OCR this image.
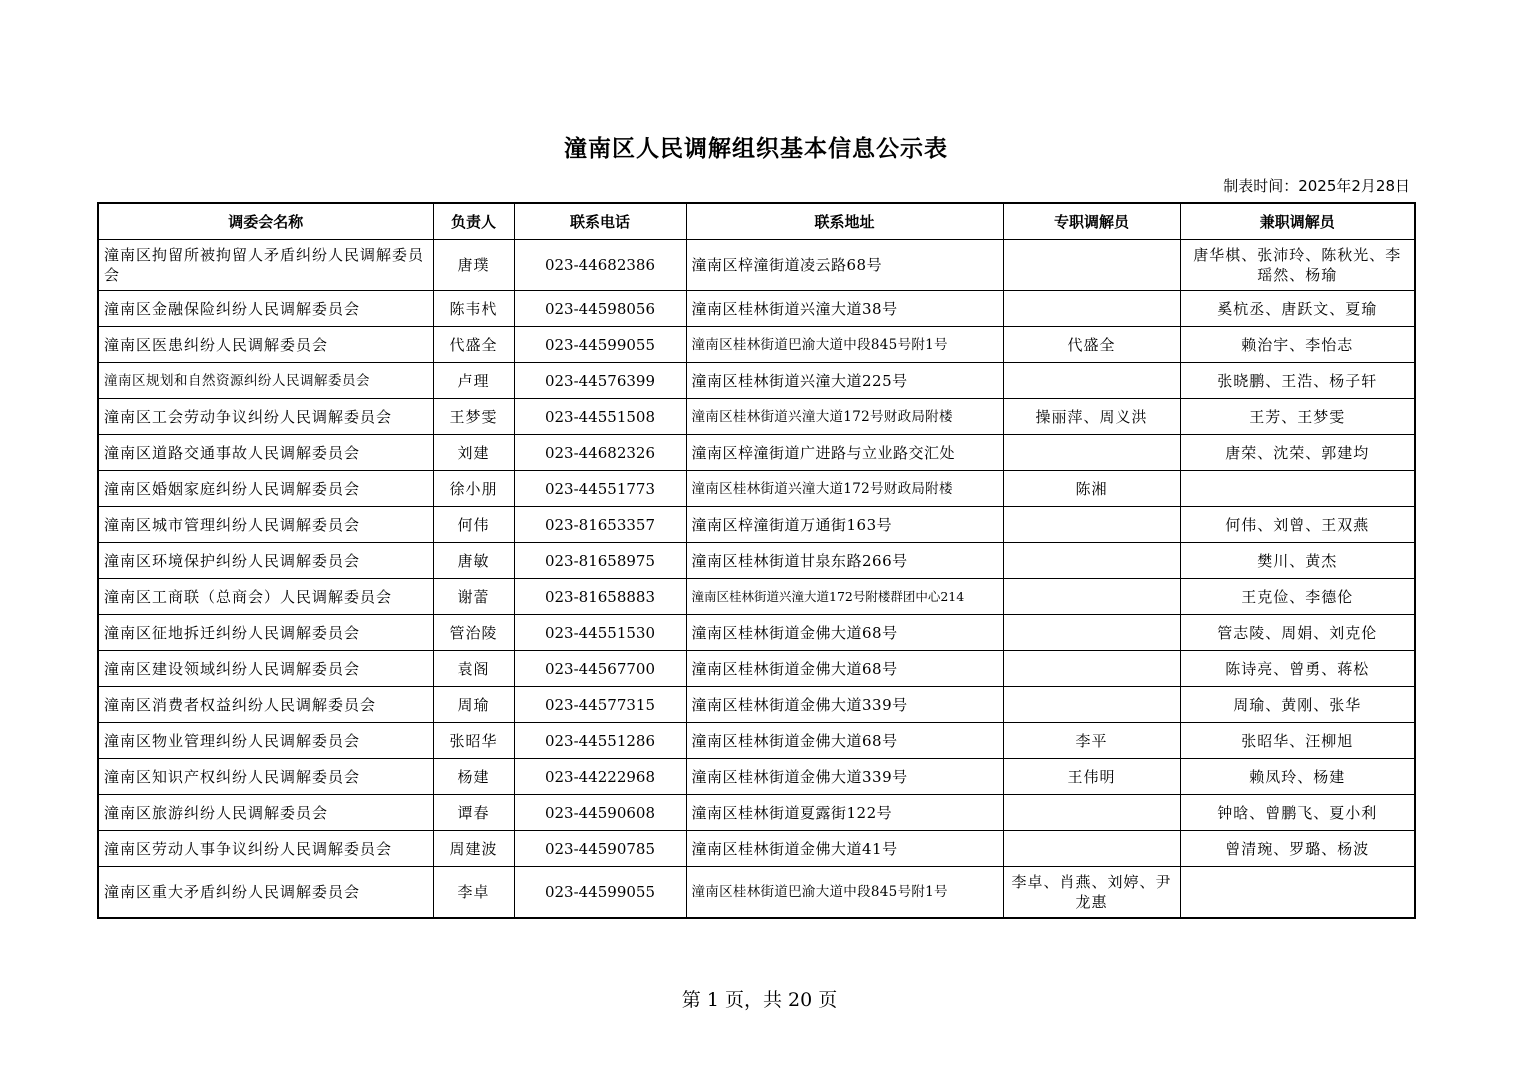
潼南区人民调解组织基本信息公示表
制表时间：2025年2月28日
调委会名称	负责人	联系电话	联系地址	专职调解员	兼职调解员
潼南区拘留所被拘留人矛盾纠纷人民调解委员会	唐璞	023-44682386	潼南区梓潼街道凌云路68号		唐华棋、张沛玲、陈秋光、李瑶然、杨瑜
潼南区金融保险纠纷人民调解委员会	陈韦杙	023-44598056	潼南区桂林街道兴潼大道38号		奚杭丞、唐跃文、夏瑜
潼南区医患纠纷人民调解委员会	代盛全	023-44599055	潼南区桂林街道巴渝大道中段845号附1号	代盛全	赖治宇、李怡志
潼南区规划和自然资源纠纷人民调解委员会	卢理	023-44576399	潼南区桂林街道兴潼大道225号		张晓鹏、王浩、杨子轩
潼南区工会劳动争议纠纷人民调解委员会	王梦雯	023-44551508	潼南区桂林街道兴潼大道172号财政局附楼	操丽萍、周义洪	王芳、王梦雯
潼南区道路交通事故人民调解委员会	刘建	023-44682326	潼南区梓潼街道广进路与立业路交汇处		唐荣、沈荣、郭建均
潼南区婚姻家庭纠纷人民调解委员会	徐小朋	023-44551773	潼南区桂林街道兴潼大道172号财政局附楼	陈湘	
潼南区城市管理纠纷人民调解委员会	何伟	023-81653357	潼南区梓潼街道万通街163号		何伟、刘曾、王双燕
潼南区环境保护纠纷人民调解委员会	唐敏	023-81658975	潼南区桂林街道甘泉东路266号		樊川、黄杰
潼南区工商联（总商会）人民调解委员会	谢蕾	023-81658883	潼南区桂林街道兴潼大道172号附楼群团中心214		王克俭、李德伦
潼南区征地拆迁纠纷人民调解委员会	管治陵	023-44551530	潼南区桂林街道金佛大道68号		管志陵、周娟、刘克伦
潼南区建设领域纠纷人民调解委员会	袁阁	023-44567700	潼南区桂林街道金佛大道68号		陈诗亮、曾勇、蒋松
潼南区消费者权益纠纷人民调解委员会	周瑜	023-44577315	潼南区桂林街道金佛大道339号		周瑜、黄刚、张华
潼南区物业管理纠纷人民调解委员会	张昭华	023-44551286	潼南区桂林街道金佛大道68号	李平	张昭华、汪柳旭
潼南区知识产权纠纷人民调解委员会	杨建	023-44222968	潼南区桂林街道金佛大道339号	王伟明	赖凤玲、杨建
潼南区旅游纠纷人民调解委员会	谭春	023-44590608	潼南区桂林街道夏露街122号		钟晗、曾鹏飞、夏小利
潼南区劳动人事争议纠纷人民调解委员会	周建波	023-44590785	潼南区桂林街道金佛大道41号		曾清琬、罗璐、杨波
潼南区重大矛盾纠纷人民调解委员会	李卓	023-44599055	潼南区桂林街道巴渝大道中段845号附1号	李卓、肖燕、刘婷、尹龙惠	
第 1 页，共 20 页
